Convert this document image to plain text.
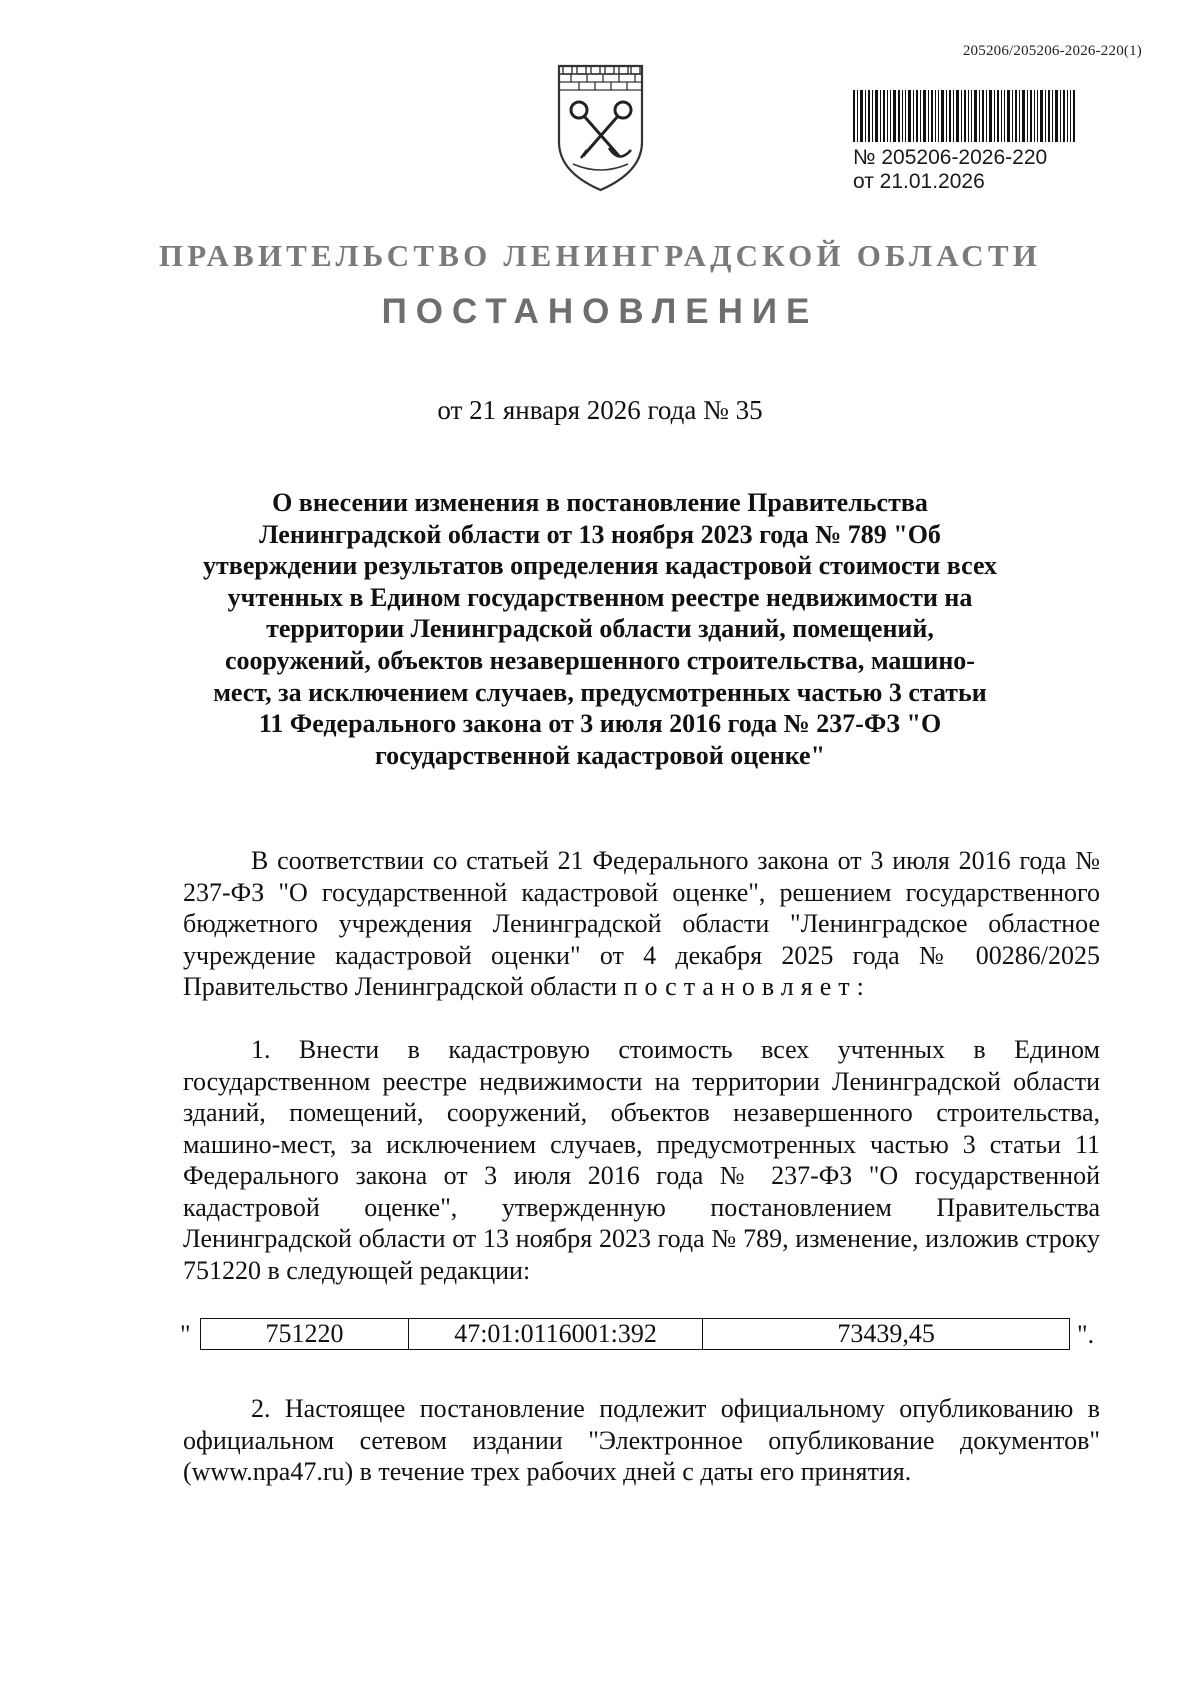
205206/205206-2026-220(1)
№ 205206-2026-220
от 21.01.2026
ПРАВИТЕЛЬСТВО ЛЕНИНГРАДСКОЙ ОБЛАСТИ
ПОСТАНОВЛЕНИЕ
от 21 января 2026 года № 35

О внесении изменения в постановление Правительства Ленинградской области от 13 ноября 2023 года № 789 "Об утверждении результатов определения кадастровой стоимости всех учтенных в Едином государственном реестре недвижимости на территории Ленинградской области зданий, помещений, сооружений, объектов незавершенного строительства, машино-мест, за исключением случаев, предусмотренных частью 3 статьи 11 Федерального закона от 3 июля 2016 года № 237-ФЗ "О государственной кадастровой оценке"

В соответствии со статьей 21 Федерального закона от 3 июля 2016 года № 237-ФЗ "О государственной кадастровой оценке", решением государственного бюджетного учреждения Ленинградской области "Ленинградское областное учреждение кадастровой оценки" от 4 декабря 2025 года № 00286/2025 Правительство Ленинградской области постановляет:

1. Внести в кадастровую стоимость всех учтенных в Едином государственном реестре недвижимости на территории Ленинградской области зданий, помещений, сооружений, объектов незавершенного строительства, машино-мест, за исключением случаев, предусмотренных частью 3 статьи 11 Федерального закона от 3 июля 2016 года № 237-ФЗ "О государственной кадастровой оценке", утвержденную постановлением Правительства Ленинградской области от 13 ноября 2023 года № 789, изменение, изложив строку 751220 в следующей редакции:

"	751220	47:01:0116001:392	73439,45	".

2. Настоящее постановление подлежит официальному опубликованию в официальном сетевом издании "Электронное опубликование документов" (www.npa47.ru) в течение трех рабочих дней с даты его принятия.
